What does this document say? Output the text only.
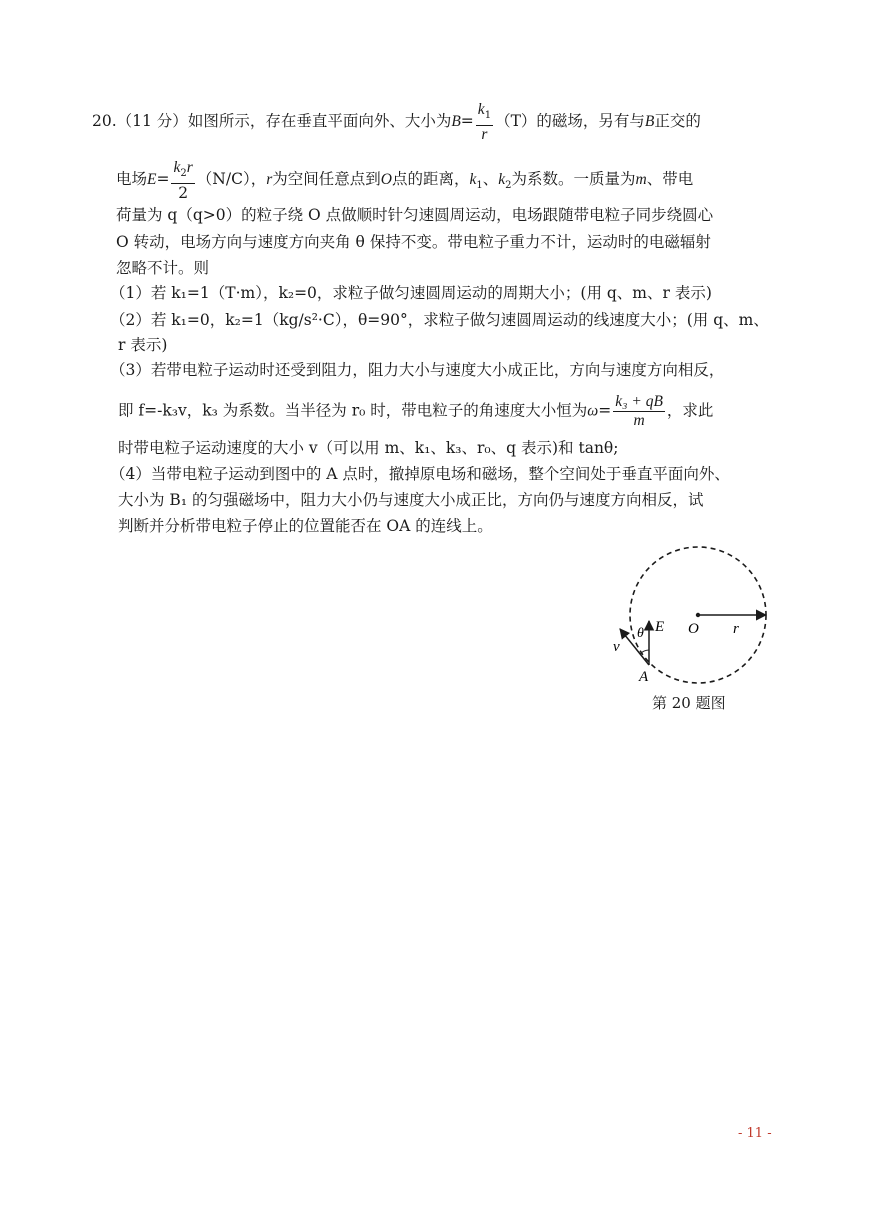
20.（11 分）如图所示，存在垂直平面向外、大小为$B= \frac{k_1}{r} (T)$的磁场，另有与B正交的
电场$E= \frac{k_2r}{2} (N/C)$，r为空间任意点到O点的距离，$k_1$、$k_2$为系数。一质量为m、带电
荷量为 q（q>0）的粒子绕 O 点做顺时针匀速圆周运动，电场跟随带电粒子同步绕圆心
O 转动，电场方向与速度方向夹角 θ 保持不变。带电粒子重力不计，运动时的电磁辐射
忽略不计。则
（1）若 k₁=1（T·m），k₂=0，求粒子做匀速圆周运动的周期大小；(用 q、m、r 表示)
（2）若 k₁=0，k₂=1（kg/s²·C），θ=90°，求粒子做匀速圆周运动的线速度大小；(用 q、m、
r 表示)
（3）若带电粒子运动时还受到阻力，阻力大小与速度大小成正比，方向与速度方向相反，
即 f=-k₃v，k₃ 为系数。当半径为 r₀ 时，带电粒子的角速度大小恒为$\omega= \frac{\text{k₃ + qB}}{m}$ ，求此
时带电粒子运动速度的大小 v（可以用 m、k₁、k₃、r₀、q 表示)和 tanθ;
（4）当带电粒子运动到图中的 A 点时，撤掉原电场和磁场，整个空间处于垂直平面向外、
大小为 B₁ 的匀强磁场中，阻力大小仍与速度大小成正比，方向仍与速度方向相反，试
判断并分析带电粒子停止的位置能否在 OA 的连线上。
E O r
θ
v
A
第 20 题图
- 11 -
